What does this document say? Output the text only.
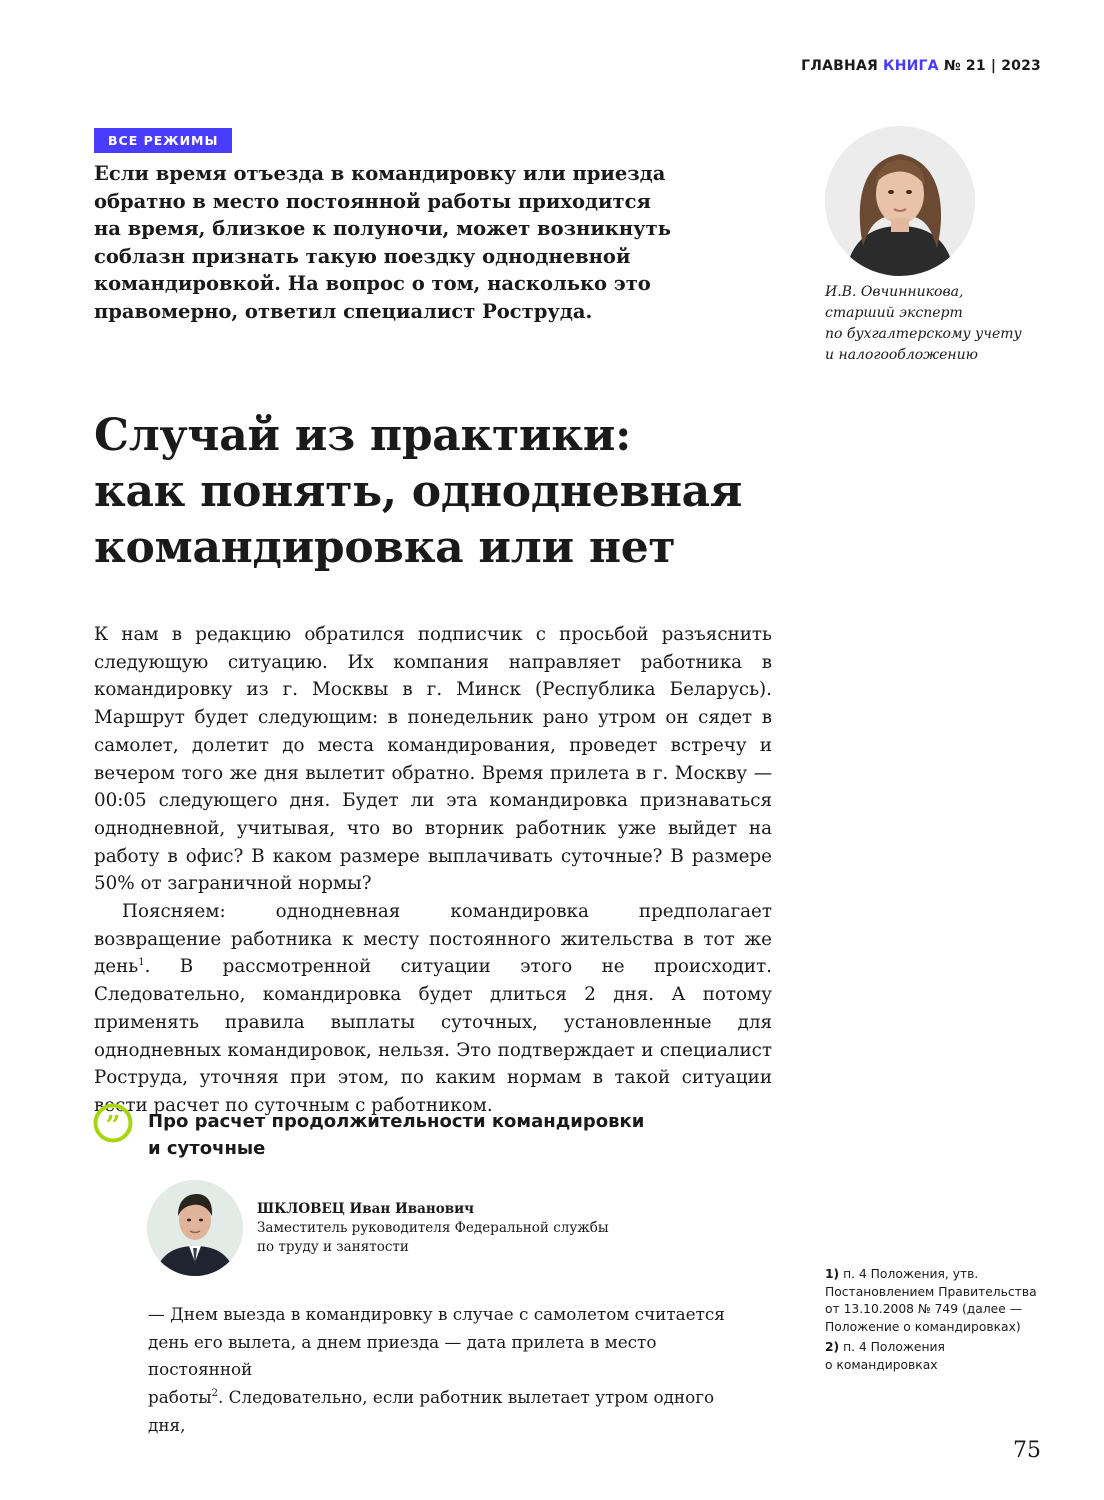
ГЛАВНАЯ КНИГА № 21 | 2023
ВСЕ РЕЖИМЫ

Если время отъезда в командировку или приезда
обратно в место постоянной работы приходится
на время, близкое к полуночи, может возникнуть
соблазн признать такую поездку однодневной
командировкой. На вопрос о том, насколько это
правомерно, ответил специалист Роструда.

И.В. Овчинникова,
старший эксперт
по бухгалтерскому учету
и налогообложению

Случай из практики:
как понять, однодневная
командировка или нет

К нам в редакцию обратился подписчик с просьбой разъяснить следующую ситуацию. Их компания направляет работника в командировку из г. Москвы в г. Минск (Республика Беларусь). Маршрут будет следующим: в понедельник рано утром он сядет в самолет, долетит до места командирования, проведет встречу и вечером того же дня вылетит обратно. Время прилета в г. Москву — 00:05 следующего дня. Будет ли эта командировка признаваться однодневной, учитывая, что во вторник работник уже выйдет на работу в офис? В каком размере выплачивать суточные? В размере 50% от заграничной нормы?

Поясняем: однодневная командировка предполагает возвращение работника к месту постоянного жительства в тот же день$^1$. В рассмотренной ситуации этого не происходит. Следовательно, командировка будет длиться 2 дня. А потому применять правила выплаты суточных, установленные для однодневных командировок, нельзя. Это подтверждает и специалист Роструда, уточняя при этом, по каким нормам в такой ситуации вести расчет по суточным с работником.

” Про расчет продолжительности командировки
и суточные

ШКЛОВЕЦ Иван Иванович

Заместитель руководителя Федеральной службы
по труду и занятости

— Днем выезда в командировку в случае с самолетом считается
день его вылета, а днем приезда — дата прилета в место постоянной
работы$^2$. Следовательно, если работник вылетает утром одного дня,

1) п. 4 Положения, утв.
Постановлением Правительства
от 13.10.2008 № 749 (далее —
Положение о командировках)

2) п. 4 Положения
о командировках

75
